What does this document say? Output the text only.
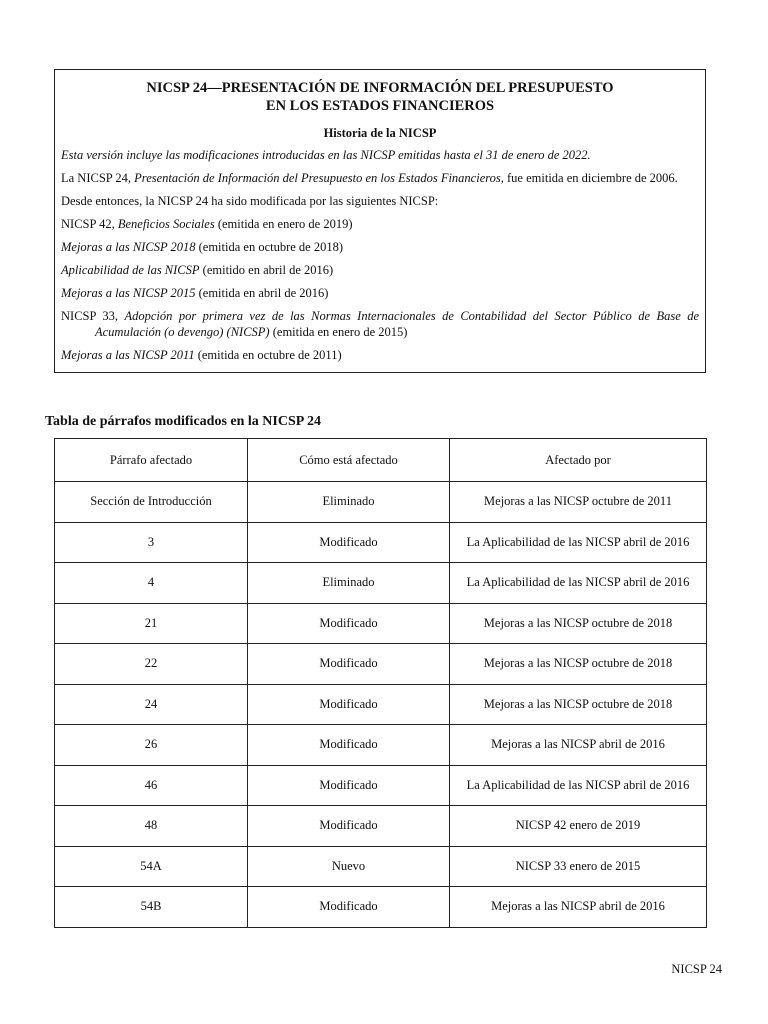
NICSP 24—PRESENTACIÓN DE INFORMACIÓN DEL PRESUPUESTO
EN LOS ESTADOS FINANCIEROS
Historia de la NICSP

Esta versión incluye las modificaciones introducidas en las NICSP emitidas hasta el 31 de enero de 2022.

La NICSP 24, Presentación de Información del Presupuesto en los Estados Financieros, fue emitida en diciembre de 2006.

Desde entonces, la NICSP 24 ha sido modificada por las siguientes NICSP:

NICSP 42, Beneficios Sociales (emitida en enero de 2019)

Mejoras a las NICSP 2018 (emitida en octubre de 2018)

Aplicabilidad de las NICSP (emitido en abril de 2016)

Mejoras a las NICSP 2015 (emitida en abril de 2016)

NICSP 33, Adopción por primera vez de las Normas Internacionales de Contabilidad del Sector Público de Base de Acumulación (o devengo) (NICSP) (emitida en enero de 2015)

Mejoras a las NICSP 2011 (emitida en octubre de 2011)

Tabla de párrafos modificados en la NICSP 24
Párrafo afectado	Cómo está afectado	Afectado por
Sección de Introducción	Eliminado	Mejoras a las NICSP octubre de 2011
3	Modificado	La Aplicabilidad de las NICSP abril de 2016
4	Eliminado	La Aplicabilidad de las NICSP abril de 2016
21	Modificado	Mejoras a las NICSP octubre de 2018
22	Modificado	Mejoras a las NICSP octubre de 2018
24	Modificado	Mejoras a las NICSP octubre de 2018
26	Modificado	Mejoras a las NICSP abril de 2016
46	Modificado	La Aplicabilidad de las NICSP abril de 2016
48	Modificado	NICSP 42 enero de 2019
54A	Nuevo	NICSP 33 enero de 2015
54B	Modificado	Mejoras a las NICSP abril de 2016
NICSP 24
